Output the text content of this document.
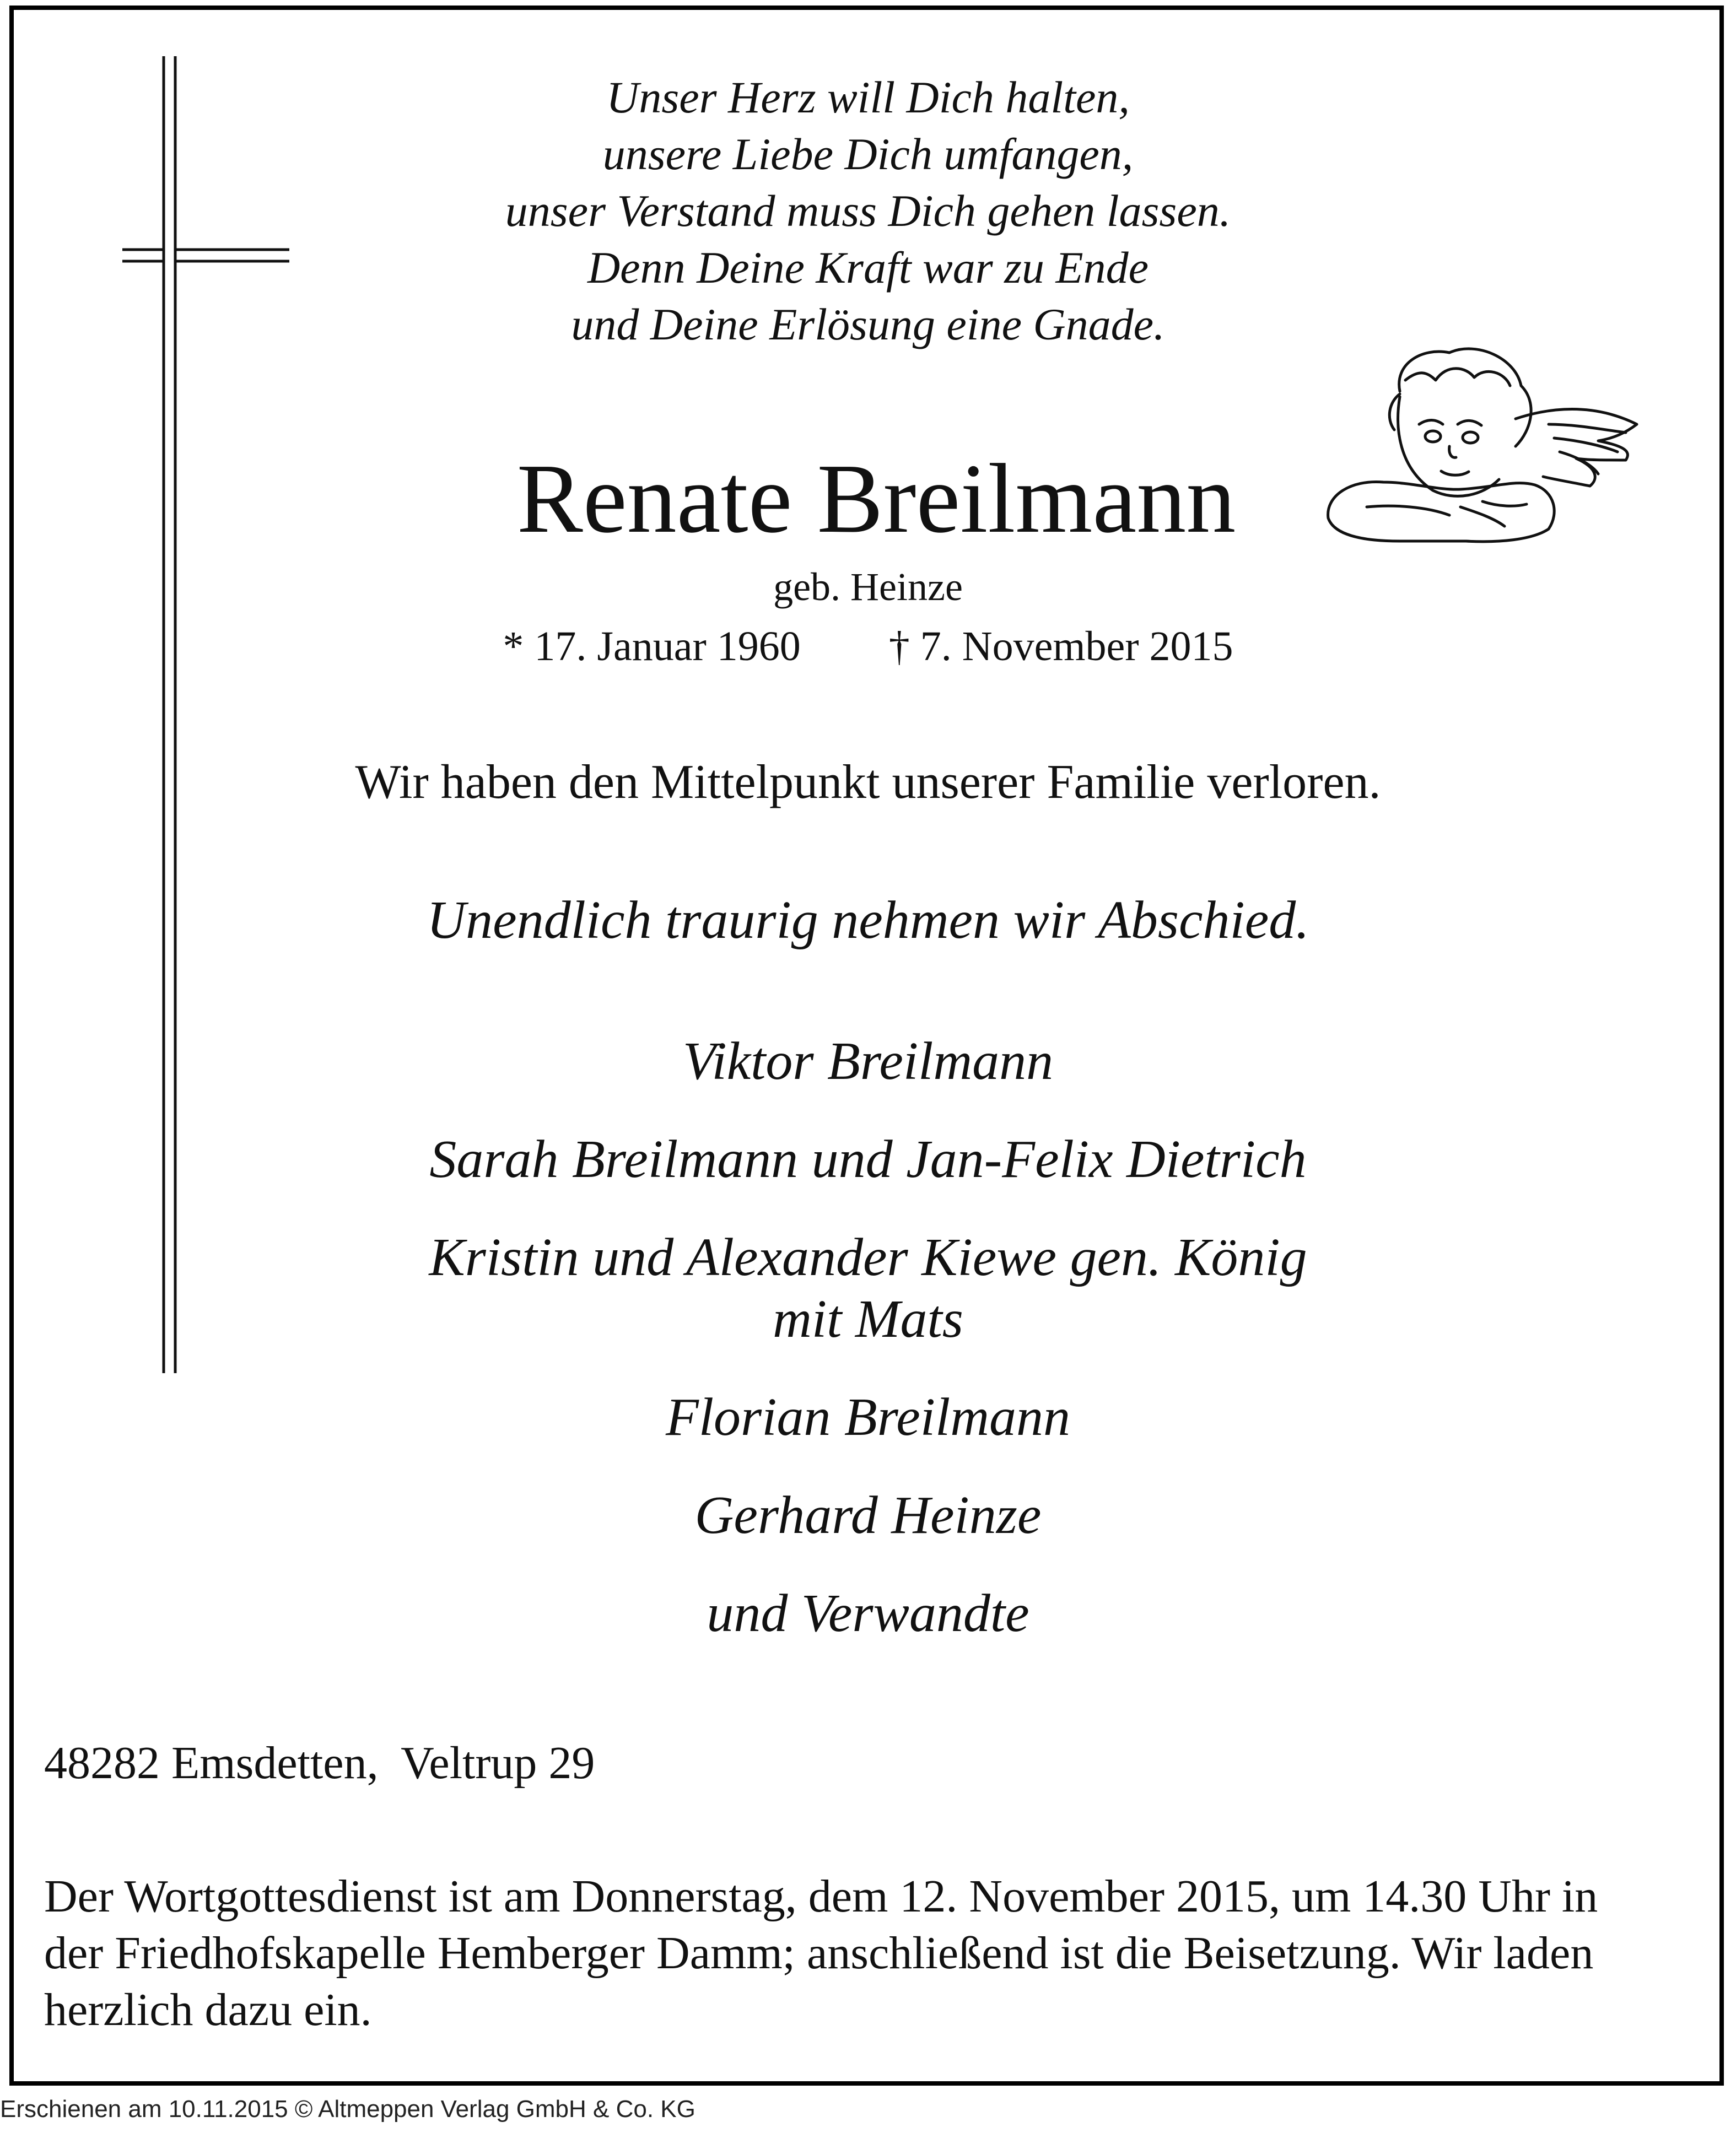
Unser Herz will Dich halten,
unsere Liebe Dich umfangen,
unser Verstand muss Dich gehen lassen.
Denn Deine Kraft war zu Ende
und Deine Erlösung eine Gnade.
Renate Breilmann
geb. Heinze
* 17. Januar 1960 † 7. November 2015
Wir haben den Mittelpunkt unserer Familie verloren.
Unendlich traurig nehmen wir Abschied.
Viktor Breilmann
Sarah Breilmann und Jan-Felix Dietrich
Kristin und Alexander Kiewe gen. König
mit Mats
Florian Breilmann
Gerhard Heinze
und Verwandte
48282 Emsdetten,  Veltrup 29
Der Wortgottesdienst ist am Donnerstag, dem 12. November 2015, um 14.30 Uhr in
der Friedhofskapelle Hemberger Damm; anschließend ist die Beisetzung. Wir laden
herzlich dazu ein.
Erschienen am 10.11.2015 © Altmeppen Verlag GmbH & Co. KG
